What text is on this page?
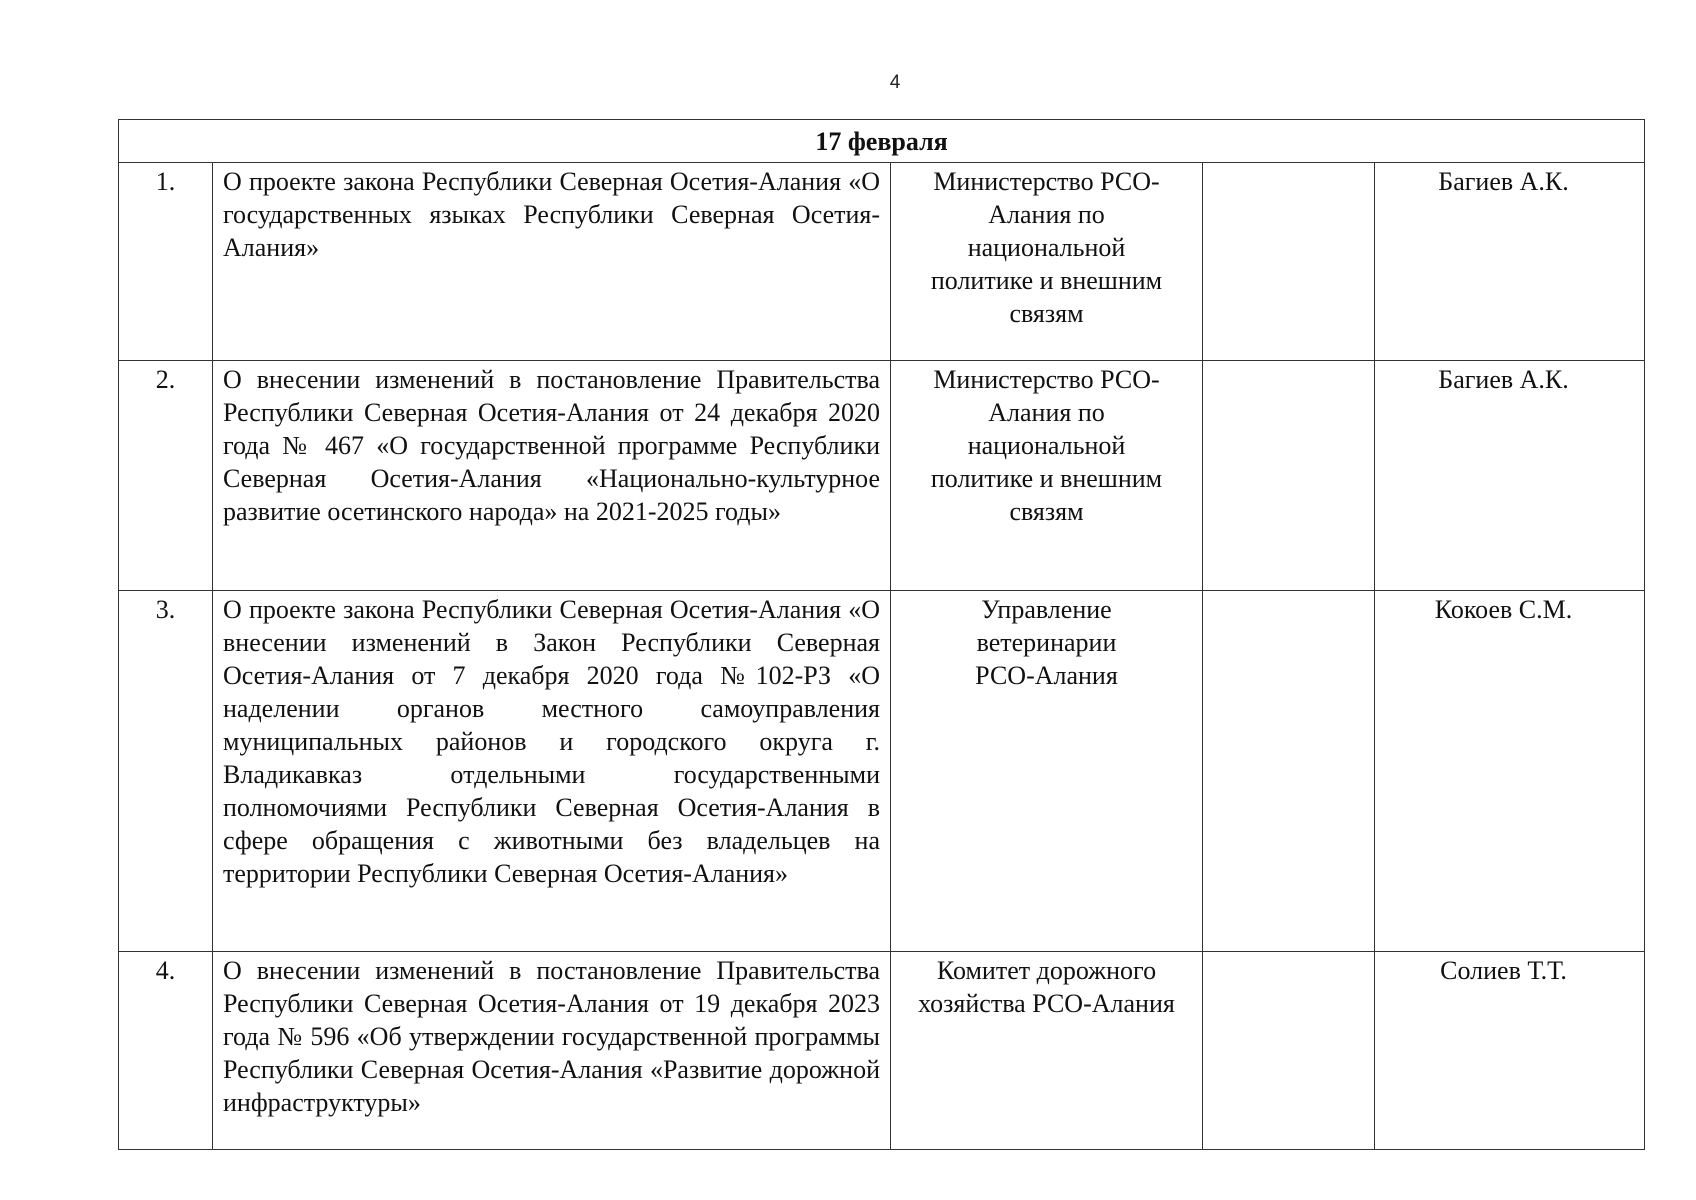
4
17 февраля				
1.	О проекте закона Республики Северная Осетия-Алания «О государственных языках Республики Северная Осетия-Алания»	Министерство РСО-Алания по национальной политике и внешним связям		Багиев А.К.
2.	О внесении изменений в постановление Правительства Республики Северная Осетия-Алания от 24 декабря 2020 года № 467 «О государственной программе Республики Северная Осетия-Алания «Национально-культурное развитие осетинского народа» на 2021-2025 годы»	Министерство РСО-Алания по национальной политике и внешним связям		Багиев А.К.
3.	О проекте закона Республики Северная Осетия-Алания «О внесении изменений в Закон Республики Северная Осетия-Алания от 7 декабря 2020 года №102-РЗ «О наделении органов местного самоуправления муниципальных районов и городского округа г. Владикавказ отдельными государственными полномочиями Республики Северная Осетия-Алания в сфере обращения с животными без владельцев на территории Республики Северная Осетия-Алания»	Управление ветеринарии РСО-Алания		Кокоев С.М.
4.	О внесении изменений в постановление Правительства Республики Северная Осетия-Алания от 19 декабря 2023 года № 596 «Об утверждении государственной программы Республики Северная Осетия-Алания «Развитие дорожной инфраструктуры»	Комитет дорожного хозяйства РСО-Алания		Солиев Т.Т.
